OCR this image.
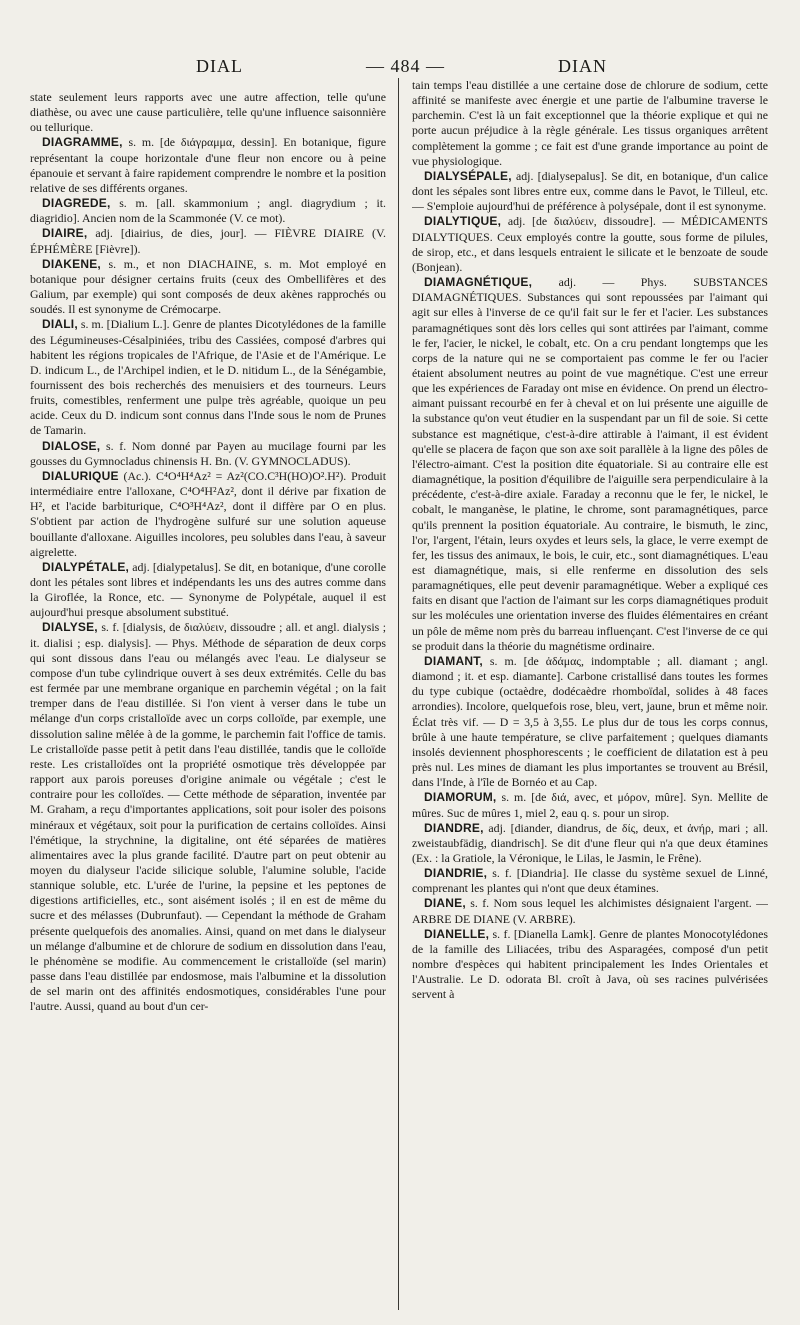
DIAL	— 484 —	DIAN

state seulement leurs rapports avec une autre affection, telle qu'une diathèse, ou avec une cause particulière, telle qu'une influence saisonnière ou tellurique.

DIAGRAMME, s. m. [de διάγραμμα, dessin]. En botanique, figure représentant la coupe horizontale d'une fleur non encore ou à peine épanouie et servant à faire rapidement comprendre le nombre et la position relative de ses différents organes.

DIAGREDE, s. m. [all. skammonium ; angl. diagrydium ; it. diagridio]. Ancien nom de la Scammonée (V. ce mot).

DIAIRE, adj. [diairius, de dies, jour]. — FIÈVRE DIAIRE (V. ÉPHÉMÈRE [Fièvre]).

DIAKENE, s. m., et non DIACHAINE, s. m. Mot employé en botanique pour désigner certains fruits (ceux des Ombellifères et des Galium, par exemple) qui sont composés de deux akènes rapprochés ou soudés. Il est synonyme de Crémocarpe.

DIALI, s. m. [Dialium L.]. Genre de plantes Dicotylédones de la famille des Légumineuses-Césalpiniées, tribu des Cassiées, composé d'arbres qui habitent les régions tropicales de l'Afrique, de l'Asie et de l'Amérique. Le D. indicum L., de l'Archipel indien, et le D. nitidum L., de la Sénégambie, fournissent des bois recherchés des menuisiers et des tourneurs. Leurs fruits, comestibles, renferment une pulpe très agréable, quoique un peu acide. Ceux du D. indicum sont connus dans l'Inde sous le nom de Prunes de Tamarin.

DIALOSE, s. f. Nom donné par Payen au mucilage fourni par les gousses du Gymnocladus chinensis H. Bn. (V. GYMNOCLADUS).

DIALURIQUE (Ac.). C⁴O⁴H⁴Az² = Az²(CO.C³H(HO)O².H²). Produit intermédiaire entre l'alloxane, C⁴O⁴H²Az², dont il dérive par fixation de H², et l'acide barbiturique, C⁴O³H⁴Az², dont il diffère par O en plus. S'obtient par action de l'hydrogène sulfuré sur une solution aqueuse bouillante d'alloxane. Aiguilles incolores, peu solubles dans l'eau, à saveur aigrelette.

DIALYPÉTALE, adj. [dialypetalus]. Se dit, en botanique, d'une corolle dont les pétales sont libres et indépendants les uns des autres comme dans la Giroflée, la Ronce, etc. — Synonyme de Polypétale, auquel il est aujourd'hui presque absolument substitué.

DIALYSE, s. f. [dialysis, de διαλύειν, dissoudre ; all. et angl. dialysis ; it. dialisi ; esp. dialysis]. — Phys. Méthode de séparation de deux corps qui sont dissous dans l'eau ou mélangés avec l'eau. Le dialyseur se compose d'un tube cylindrique ouvert à ses deux extrémités. Celle du bas est fermée par une membrane organique en parchemin végétal ; on la fait tremper dans de l'eau distillée. Si l'on vient à verser dans le tube un mélange d'un corps cristalloïde avec un corps colloïde, par exemple, une dissolution saline mêlée à de la gomme, le parchemin fait l'office de tamis. Le cristalloïde passe petit à petit dans l'eau distillée, tandis que le colloïde reste. Les cristalloïdes ont la propriété osmotique très développée par rapport aux parois poreuses d'origine animale ou végétale ; c'est le contraire pour les colloïdes. — Cette méthode de séparation, inventée par M. Graham, a reçu d'importantes applications, soit pour isoler des poisons minéraux et végétaux, soit pour la purification de certains colloïdes. Ainsi l'émétique, la strychnine, la digitaline, ont été séparées de matières alimentaires avec la plus grande facilité. D'autre part on peut obtenir au moyen du dialyseur l'acide silicique soluble, l'alumine soluble, l'acide stannique soluble, etc. L'urée de l'urine, la pepsine et les peptones de digestions artificielles, etc., sont aisément isolés ; il en est de même du sucre et des mélasses (Dubrunfaut). — Cependant la méthode de Graham présente quelquefois des anomalies. Ainsi, quand on met dans le dialyseur un mélange d'albumine et de chlorure de sodium en dissolution dans l'eau, le phénomène se modifie. Au commencement le cristalloïde (sel marin) passe dans l'eau distillée par endosmose, mais l'albumine et la dissolution de sel marin ont des affinités endosmotiques, considérables l'une pour l'autre. Aussi, quand au bout d'un cer-

tain temps l'eau distillée a une certaine dose de chlorure de sodium, cette affinité se manifeste avec énergie et une partie de l'albumine traverse le parchemin. C'est là un fait exceptionnel que la théorie explique et qui ne porte aucun préjudice à la règle générale. Les tissus organiques arrêtent complètement la gomme ; ce fait est d'une grande importance au point de vue physiologique.

DIALYSÉPALE, adj. [dialysepalus]. Se dit, en botanique, d'un calice dont les sépales sont libres entre eux, comme dans le Pavot, le Tilleul, etc. — S'emploie aujourd'hui de préférence à polysépale, dont il est synonyme.

DIALYTIQUE, adj. [de διαλύειν, dissoudre]. — MÉDICAMENTS DIALYTIQUES. Ceux employés contre la goutte, sous forme de pilules, de sirop, etc., et dans lesquels entraient le silicate et le benzoate de soude (Bonjean).

DIAMAGNÉTIQUE, adj. — Phys. SUBSTANCES DIAMAGNÉTIQUES. Substances qui sont repoussées par l'aimant qui agit sur elles à l'inverse de ce qu'il fait sur le fer et l'acier. Les substances paramagnétiques sont dès lors celles qui sont attirées par l'aimant, comme le fer, l'acier, le nickel, le cobalt, etc. On a cru pendant longtemps que les corps de la nature qui ne se comportaient pas comme le fer ou l'acier étaient absolument neutres au point de vue magnétique. C'est une erreur que les expériences de Faraday ont mise en évidence. On prend un électro-aimant puissant recourbé en fer à cheval et on lui présente une aiguille de la substance qu'on veut étudier en la suspendant par un fil de soie. Si cette substance est magnétique, c'est-à-dire attirable à l'aimant, il est évident qu'elle se placera de façon que son axe soit parallèle à la ligne des pôles de l'électro-aimant. C'est la position dite équatoriale. Si au contraire elle est diamagnétique, la position d'équilibre de l'aiguille sera perpendiculaire à la précédente, c'est-à-dire axiale. Faraday a reconnu que le fer, le nickel, le cobalt, le manganèse, le platine, le chrome, sont paramagnétiques, parce qu'ils prennent la position équatoriale. Au contraire, le bismuth, le zinc, l'or, l'argent, l'étain, leurs oxydes et leurs sels, la glace, le verre exempt de fer, les tissus des animaux, le bois, le cuir, etc., sont diamagnétiques. L'eau est diamagnétique, mais, si elle renferme en dissolution des sels paramagnétiques, elle peut devenir paramagnétique. Weber a expliqué ces faits en disant que l'action de l'aimant sur les corps diamagnétiques produit sur les molécules une orientation inverse des fluides élémentaires en créant un pôle de même nom près du barreau influençant. C'est l'inverse de ce qui se produit dans la théorie du magnétisme ordinaire.

DIAMANT, s. m. [de ἀδάμας, indomptable ; all. diamant ; angl. diamond ; it. et esp. diamante]. Carbone cristallisé dans toutes les formes du type cubique (octaèdre, dodécaèdre rhomboïdal, solides à 48 faces arrondies). Incolore, quelquefois rose, bleu, vert, jaune, brun et même noir. Éclat très vif. — D = 3,5 à 3,55. Le plus dur de tous les corps connus, brûle à une haute température, se clive parfaitement ; quelques diamants insolés deviennent phosphorescents ; le coefficient de dilatation est à peu près nul. Les mines de diamant les plus importantes se trouvent au Brésil, dans l'Inde, à l'île de Bornéo et au Cap.

DIAMORUM, s. m. [de διά, avec, et μόρον, mûre]. Syn. Mellite de mûres. Suc de mûres 1, miel 2, eau q. s. pour un sirop.

DIANDRE, adj. [diander, diandrus, de δίς, deux, et ἀνήρ, mari ; all. zweistaubfädig, diandrisch]. Se dit d'une fleur qui n'a que deux étamines (Ex. : la Gratiole, la Véronique, le Lilas, le Jasmin, le Frêne).

DIANDRIE, s. f. [Diandria]. IIe classe du système sexuel de Linné, comprenant les plantes qui n'ont que deux étamines.

DIANE, s. f. Nom sous lequel les alchimistes désignaient l'argent. — ARBRE DE DIANE (V. ARBRE).

DIANELLE, s. f. [Dianella Lamk]. Genre de plantes Monocotylédones de la famille des Liliacées, tribu des Asparagées, composé d'un petit nombre d'espèces qui habitent principalement les Indes Orientales et l'Australie. Le D. odorata Bl. croît à Java, où ses racines pulvérisées servent à
